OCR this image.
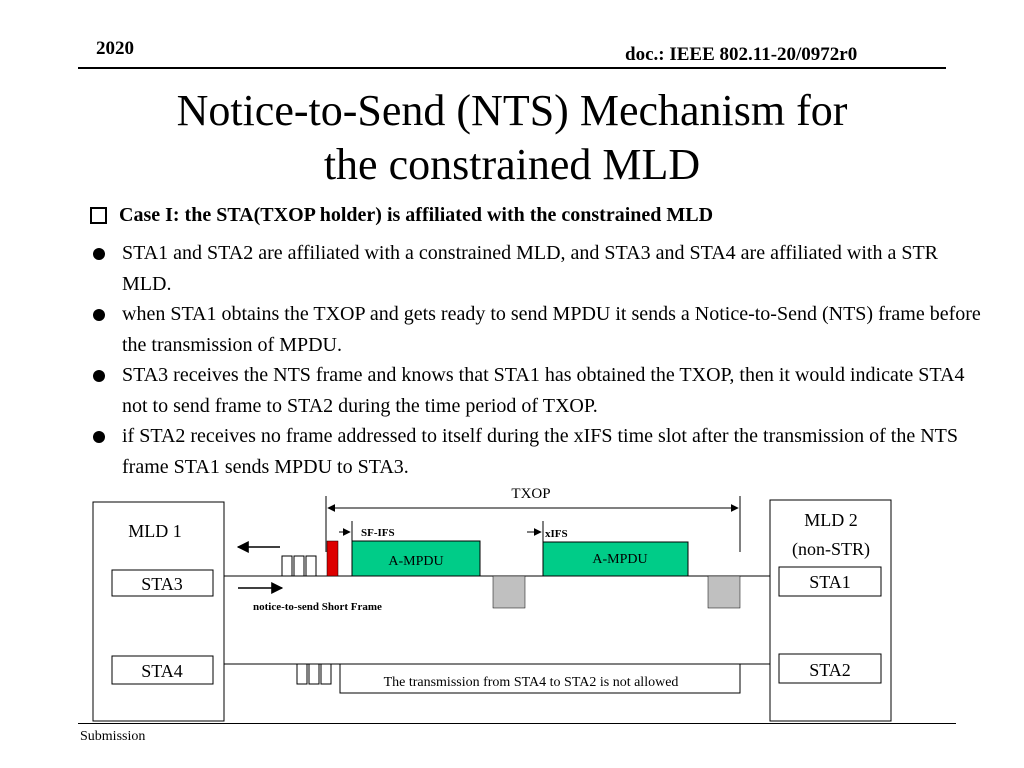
2020	doc.: IEEE 802.11-20/0972r0
Notice-to-Send (NTS) Mechanism for
the constrained MLD
Case I: the STA(TXOP holder) is affiliated with the constrained MLD
STA1 and STA2 are affiliated with a constrained MLD, and STA3 and STA4 are affiliated with a STR MLD.
when STA1 obtains the TXOP and gets ready to send MPDU it sends a Notice-to-Send (NTS) frame before the transmission of MPDU.
STA3 receives the NTS frame and knows that STA1 has obtained the TXOP, then it would indicate STA4 not to send frame to STA2 during the time period of TXOP.
if STA2 receives no frame addressed to itself during the xIFS time slot after the transmission of the NTS frame STA1 sends MPDU to STA3.
TXOP
MLD 1
STA3
STA4
MLD 2
(non-STR)
STA1
STA2
SF-IFS
A-MPDU
xIFS
A-MPDU
notice-to-send Short Frame
The transmission from STA4 to STA2 is not allowed
Submission
